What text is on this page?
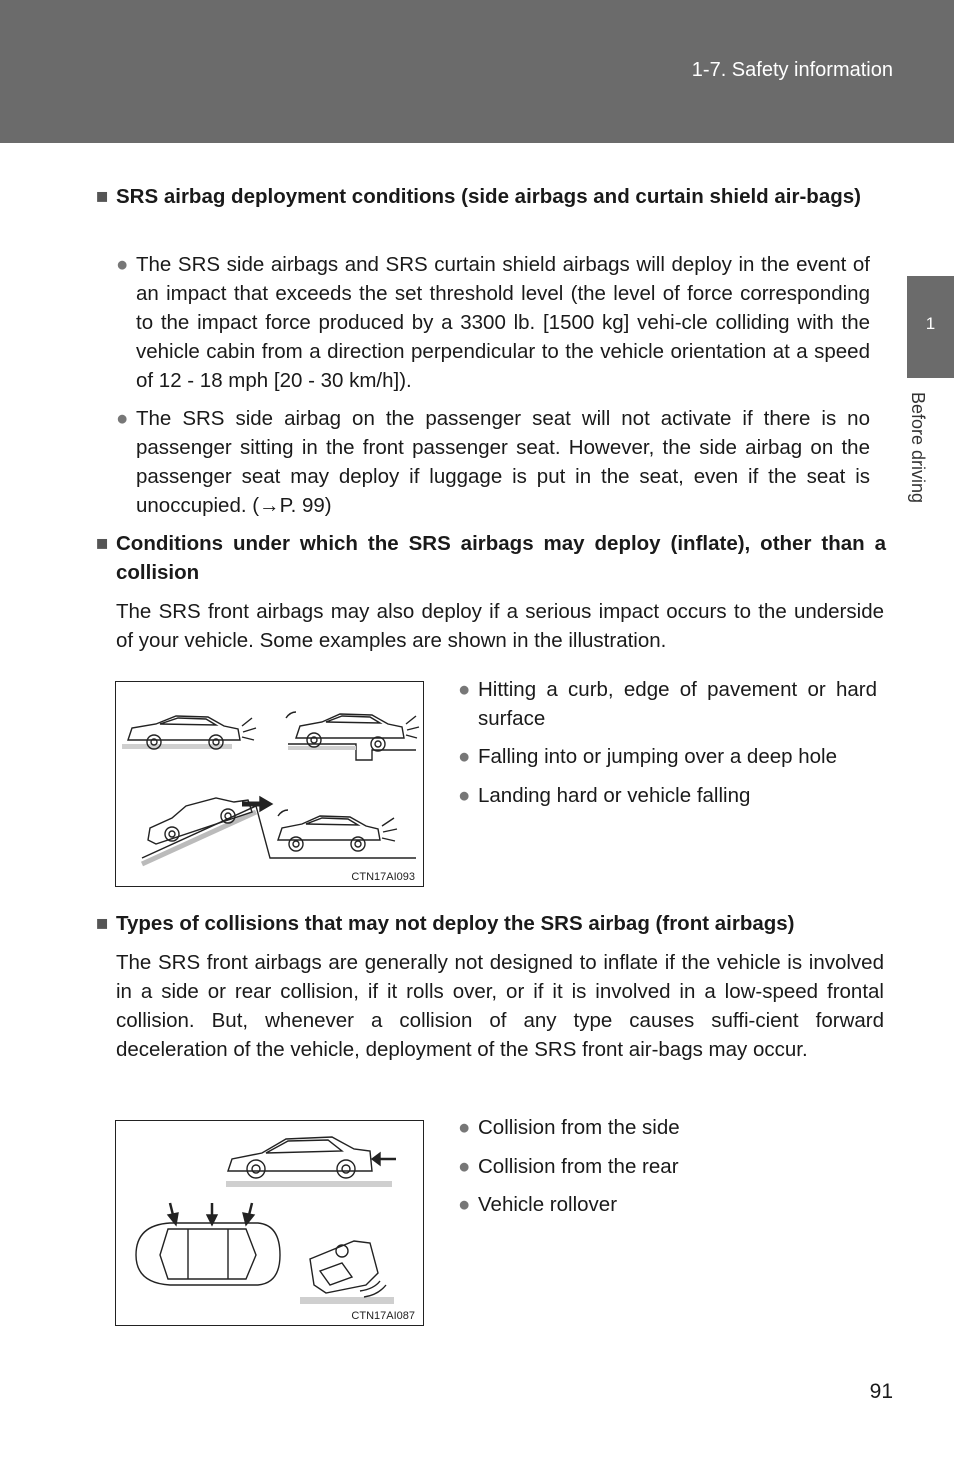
1-7. Safety information
1
Before driving
■ SRS airbag deployment conditions (side airbags and curtain shield air-bags)
● The SRS side airbags and SRS curtain shield airbags will deploy in the event of an impact that exceeds the set threshold level (the level of force corresponding to the impact force produced by a 3300 lb. [1500 kg] vehi-cle colliding with the vehicle cabin from a direction perpendicular to the vehicle orientation at a speed of 12 - 18 mph [20 - 30 km/h]).
● The SRS side airbag on the passenger seat will not activate if there is no passenger sitting in the front passenger seat. However, the side airbag on the passenger seat may deploy if luggage is put in the seat, even if the seat is unoccupied. (→P. 99)
■ Conditions under which the SRS airbags may deploy (inflate), other than a collision
The SRS front airbags may also deploy if a serious impact occurs to the underside of your vehicle. Some examples are shown in the illustration.
CTN17AI093
● Hitting a curb, edge of pavement or hard surface
● Falling into or jumping over a deep hole
● Landing hard or vehicle falling
■ Types of collisions that may not deploy the SRS airbag (front airbags)
The SRS front airbags are generally not designed to inflate if the vehicle is involved in a side or rear collision, if it rolls over, or if it is involved in a low-speed frontal collision. But, whenever a collision of any type causes suffi-cient forward deceleration of the vehicle, deployment of the SRS front air-bags may occur.
CTN17AI087
● Collision from the side
● Collision from the rear
● Vehicle rollover
91
